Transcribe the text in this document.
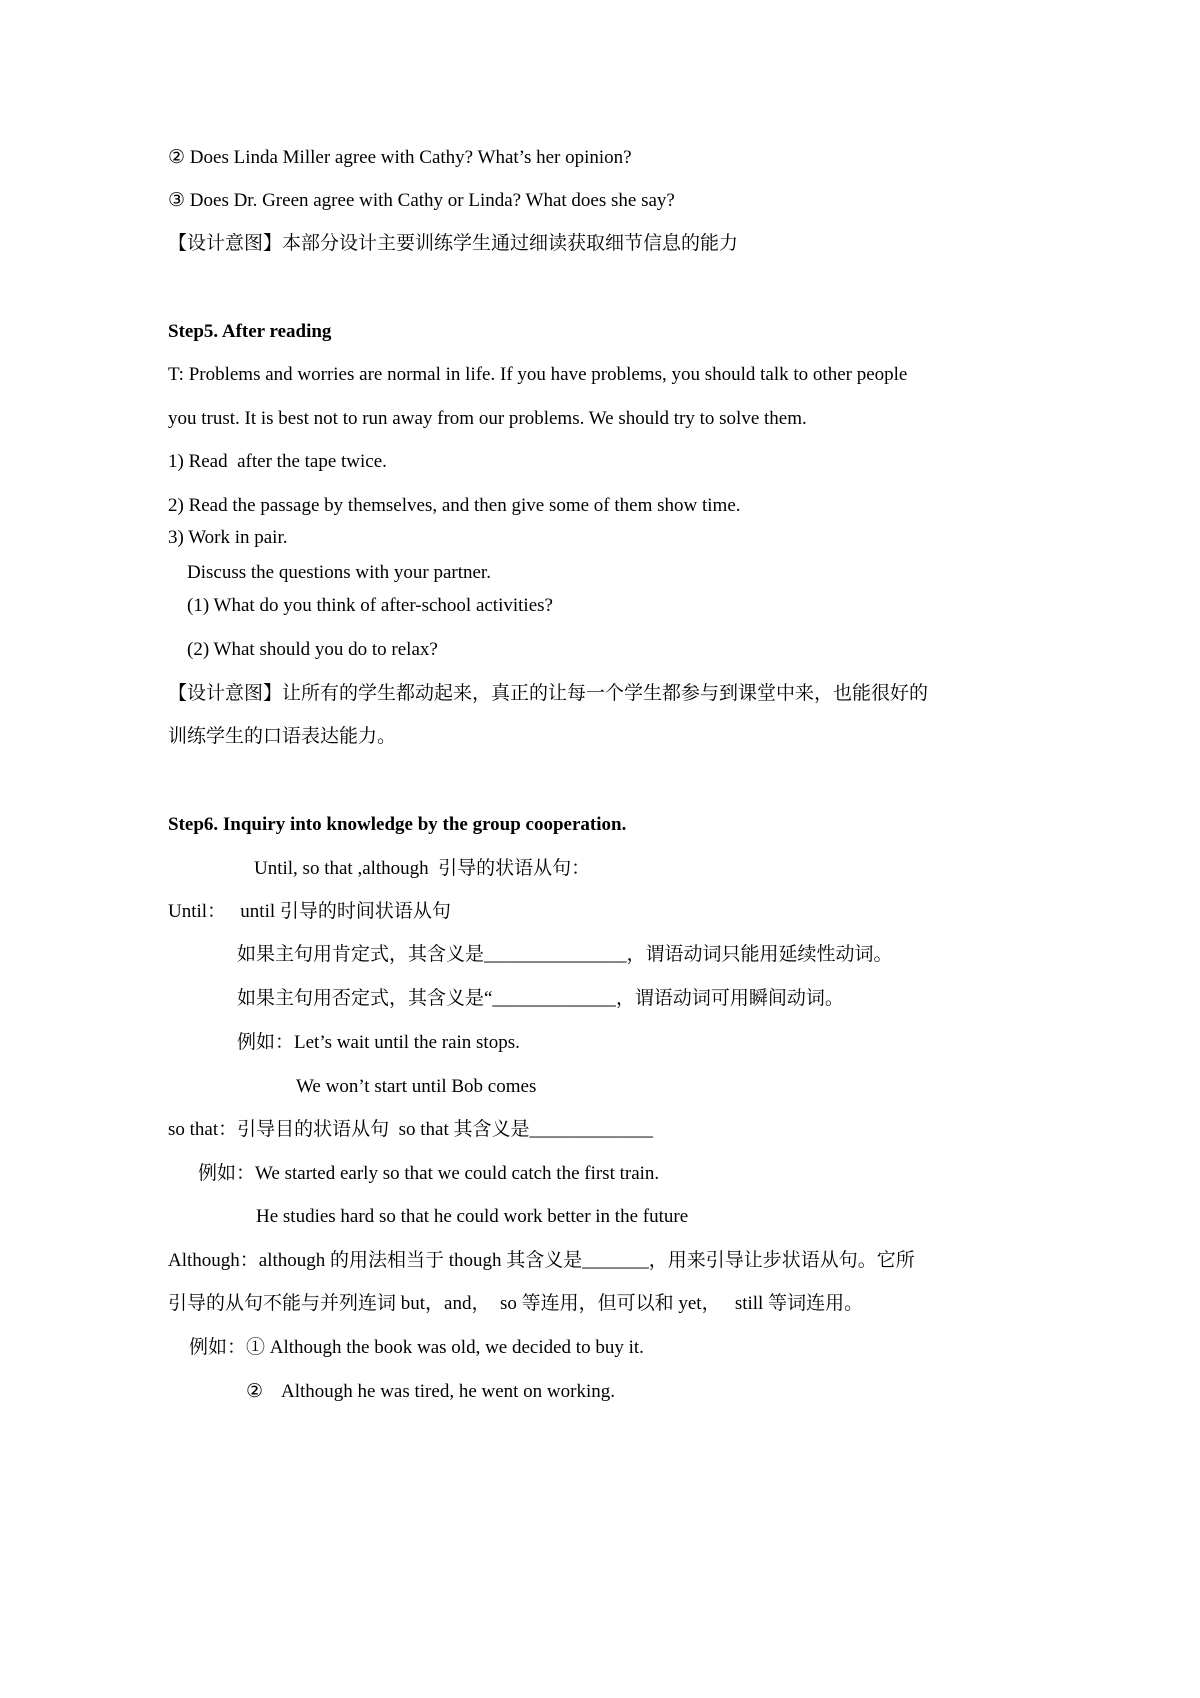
② Does Linda Miller agree with Cathy? What’s her opinion?
③ Does Dr. Green agree with Cathy or Linda? What does she say?
【设计意图】本部分设计主要训练学生通过细读获取细节信息的能力
Step5. After reading
T: Problems and worries are normal in life. If you have problems, you should talk to other people
you trust. It is best not to run away from our problems. We should try to solve them.
1) Read  after the tape twice.
2) Read the passage by themselves, and then give some of them show time.
3) Work in pair.
Discuss the questions with your partner.
(1) What do you think of after-school activities?
(2) What should you do to relax?
【设计意图】让所有的学生都动起来，真正的让每一个学生都参与到课堂中来，也能很好的
训练学生的口语表达能力。
Step6. Inquiry into knowledge by the group cooperation.
Until, so that ,although  引导的状语从句：
Until：   until 引导的时间状语从句
如果主句用肯定式，其含义是_______________，谓语动词只能用延续性动词。
如果主句用否定式，其含义是“_____________，谓语动词可用瞬间动词。
例如：Let’s wait until the rain stops.
We won’t start until Bob comes
so that：引导目的状语从句  so that 其含义是_____________
例如：We started early so that we could catch the first train.
He studies hard so that he could work better in the future
Although：although 的用法相当于 though 其含义是_______，用来引导让步状语从句。它所
引导的从句不能与并列连词 but，and，  so 等连用，但可以和 yet，   still 等词连用。
例如：① Although the book was old, we decided to buy it.
②    Although he was tired, he went on working.
